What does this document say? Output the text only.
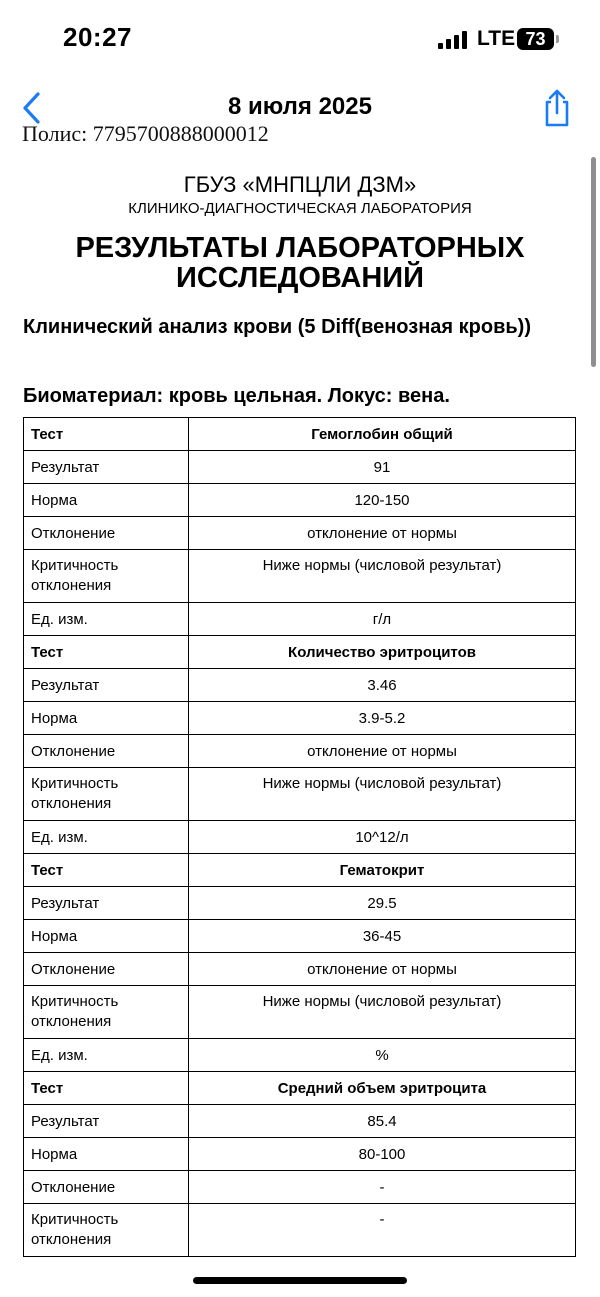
20:27	LTE 73
8 июля 2025
Полис: 7795700888000012
ГБУЗ «МНПЦЛИ ДЗМ»
КЛИНИКО-ДИАГНОСТИЧЕСКАЯ ЛАБОРАТОРИЯ
РЕЗУЛЬТАТЫ ЛАБОРАТОРНЫХ
ИССЛЕДОВАНИЙ
Клинический анализ крови (5 Diff(венозная кровь))
Биоматериал: кровь цельная. Локус: вена.
Тест	Гемоглобин общий
Результат	91
Норма	120-150
Отклонение	отклонение от нормы
Критичность отклонения	Ниже нормы (числовой результат)
Ед. изм.	г/л
Тест	Количество эритроцитов
Результат	3.46
Норма	3.9-5.2
Отклонение	отклонение от нормы
Критичность отклонения	Ниже нормы (числовой результат)
Ед. изм.	10^12/л
Тест	Гематокрит
Результат	29.5
Норма	36-45
Отклонение	отклонение от нормы
Критичность отклонения	Ниже нормы (числовой результат)
Ед. изм.	%
Тест	Средний объем эритроцита
Результат	85.4
Норма	80-100
Отклонение	-
Критичность отклонения	-
